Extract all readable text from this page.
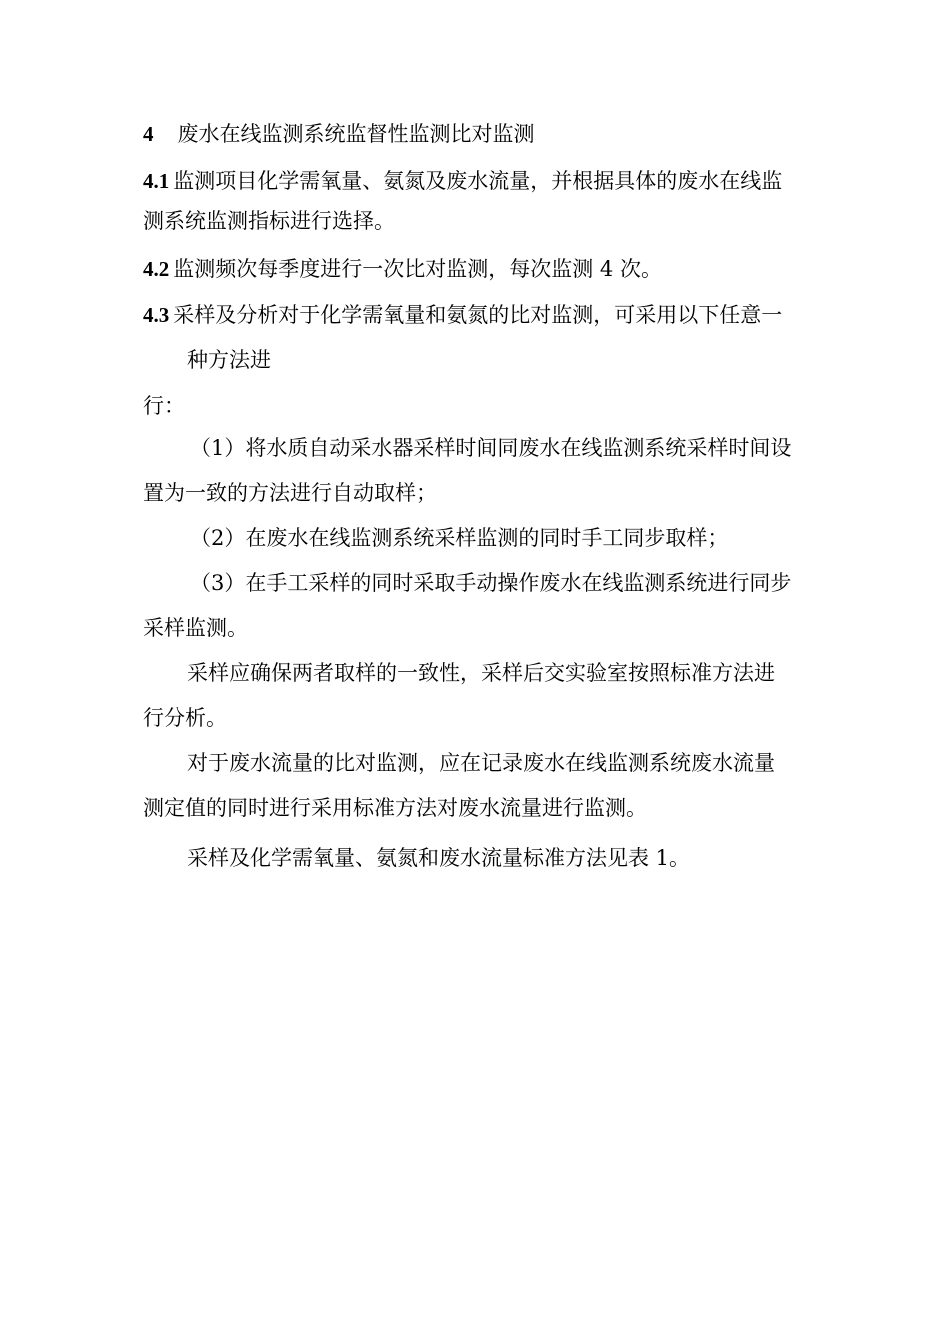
4 废水在线监测系统监督性监测比对监测
4.1 监测项目化学需氧量、氨氮及废水流量，并根据具体的废水在线监
测系统监测指标进行选择。
4.2 监测频次每季度进行一次比对监测，每次监测 4 次。
4.3 采样及分析对于化学需氧量和氨氮的比对监测，可采用以下任意一
种方法进
行：
（1）将水质自动采水器采样时间同废水在线监测系统采样时间设
置为一致的方法进行自动取样；
（2）在废水在线监测系统采样监测的同时手工同步取样；
（3）在手工采样的同时采取手动操作废水在线监测系统进行同步
采样监测。
采样应确保两者取样的一致性，采样后交实验室按照标准方法进
行分析。
对于废水流量的比对监测，应在记录废水在线监测系统废水流量
测定值的同时进行采用标准方法对废水流量进行监测。
采样及化学需氧量、氨氮和废水流量标准方法见表 1。
